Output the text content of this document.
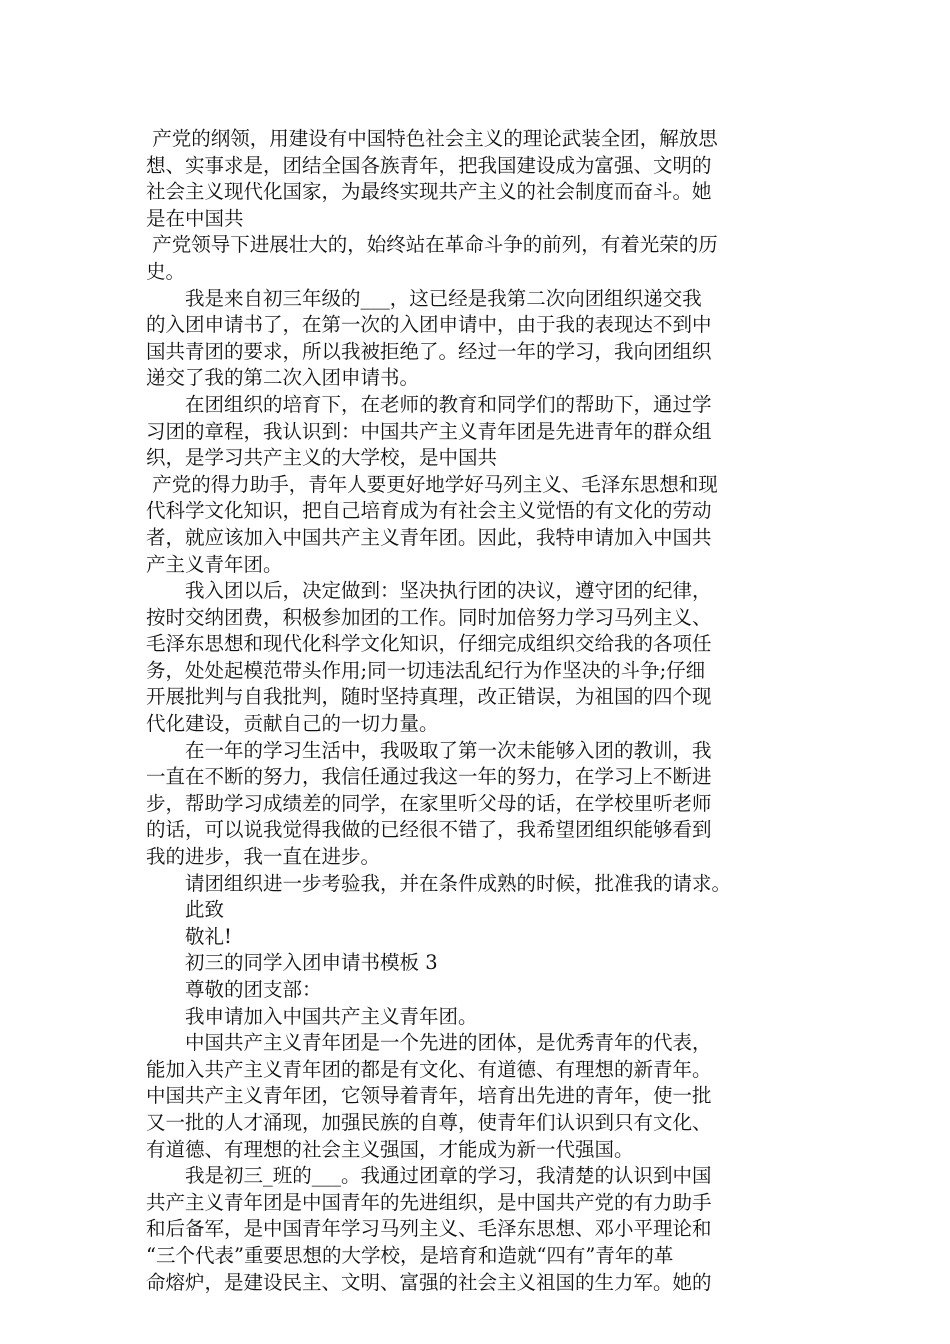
产党的纲领，用建设有中国特色社会主义的理论武装全团，解放思
想、实事求是，团结全国各族青年，把我国建设成为富强、文明的
社会主义现代化国家，为最终实现共产主义的社会制度而奋斗。她
是在中国共
产党领导下进展壮大的，始终站在革命斗争的前列，有着光荣的历
史。
　　我是来自初三年级的___，这已经是我第二次向团组织递交我
的入团申请书了，在第一次的入团申请中，由于我的表现达不到中
国共青团的要求，所以我被拒绝了。经过一年的学习，我向团组织
递交了我的第二次入团申请书。
　　在团组织的培育下，在老师的教育和同学们的帮助下，通过学
习团的章程，我认识到：中国共产主义青年团是先进青年的群众组
织，是学习共产主义的大学校，是中国共
产党的得力助手，青年人要更好地学好马列主义、毛泽东思想和现
代科学文化知识，把自己培育成为有社会主义觉悟的有文化的劳动
者，就应该加入中国共产主义青年团。因此，我特申请加入中国共
产主义青年团。
　　我入团以后，决定做到：坚决执行团的决议，遵守团的纪律，
按时交纳团费，积极参加团的工作。同时加倍努力学习马列主义、
毛泽东思想和现代化科学文化知识，仔细完成组织交给我的各项任
务，处处起模范带头作用;同一切违法乱纪行为作坚决的斗争;仔细
开展批判与自我批判，随时坚持真理，改正错误，为祖国的四个现
代化建设，贡献自己的一切力量。
　　在一年的学习生活中，我吸取了第一次未能够入团的教训，我
一直在不断的努力，我信任通过我这一年的努力，在学习上不断进
步，帮助学习成绩差的同学，在家里听父母的话，在学校里听老师
的话，可以说我觉得我做的已经很不错了，我希望团组织能够看到
我的进步，我一直在进步。
　　请团组织进一步考验我，并在条件成熟的时候，批准我的请求。
　　此致
　　敬礼!
　　初三的同学入团申请书模板 3
　　尊敬的团支部：
　　我申请加入中国共产主义青年团。
　　中国共产主义青年团是一个先进的团体，是优秀青年的代表，
能加入共产主义青年团的都是有文化、有道德、有理想的新青年。
中国共产主义青年团，它领导着青年，培育出先进的青年，使一批
又一批的人才涌现，加强民族的自尊，使青年们认识到只有文化、
有道德、有理想的社会主义强国，才能成为新一代强国。
　　我是初三_班的___。我通过团章的学习，我清楚的认识到中国
共产主义青年团是中国青年的先进组织，是中国共产党的有力助手
和后备军，是中国青年学习马列主义、毛泽东思想、邓小平理论和
“三个代表”重要思想的大学校，是培育和造就“四有”青年的革
命熔炉，是建设民主、文明、富强的社会主义祖国的生力军。她的
